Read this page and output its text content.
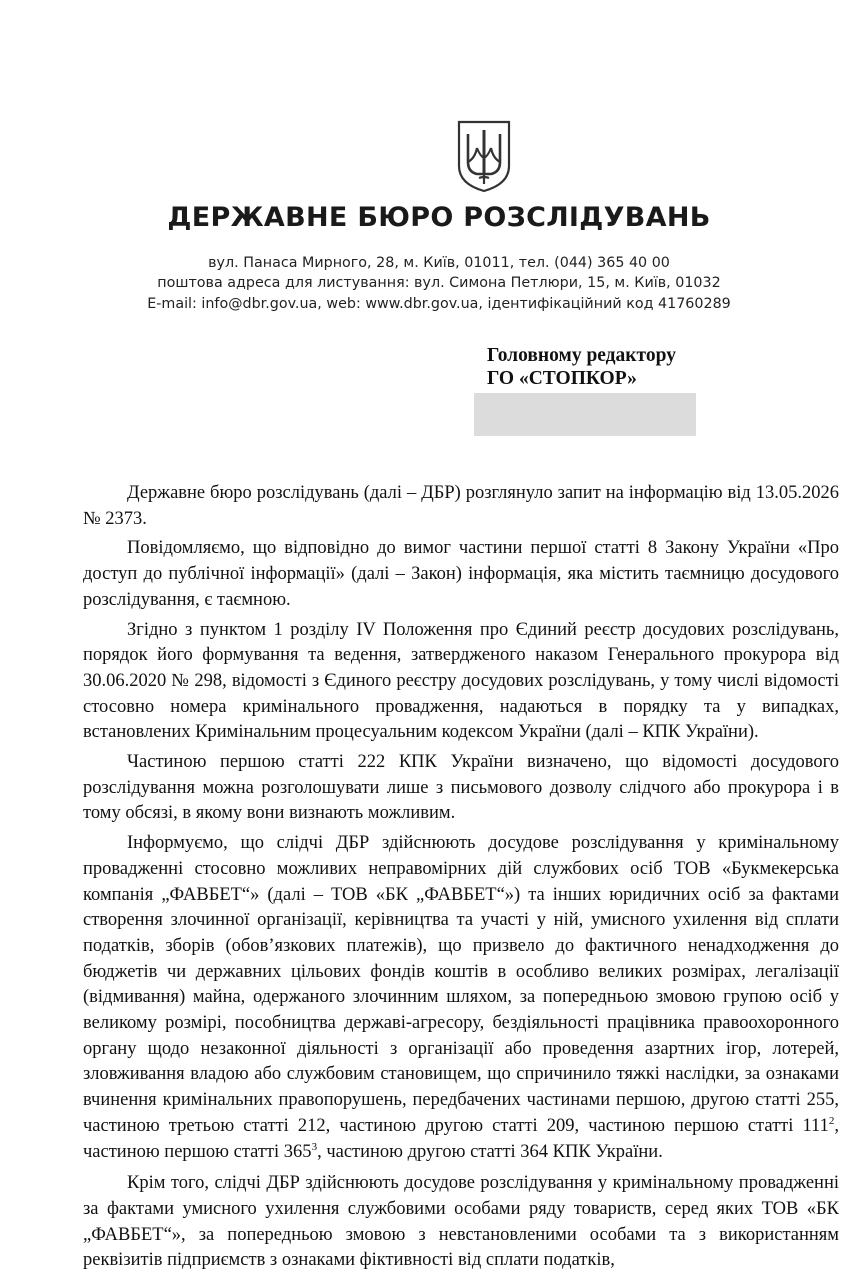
ДЕРЖАВНЕ БЮРО РОЗСЛІДУВАНЬ
вул. Панаса Мирного, 28, м. Київ, 01011, тел. (044) 365 40 00
поштова адреса для листування: вул. Симона Петлюри, 15, м. Київ, 01032
E-mail: info@dbr.gov.ua, web: www.dbr.gov.ua, ідентифікаційний код 41760289
Головному редактору
ГО «СТОПКОР»

Державне бюро розслідувань (далі – ДБР) розглянуло запит на інформацію від 13.05.2026 № 2373.

Повідомляємо, що відповідно до вимог частини першої статті 8 Закону України «Про доступ до публічної інформації» (далі – Закон) інформація, яка містить таємницю досудового розслідування, є таємною.

Згідно з пунктом 1 розділу IV Положення про Єдиний реєстр досудових розслідувань, порядок його формування та ведення, затвердженого наказом Генерального прокурора від 30.06.2020 № 298, відомості з Єдиного реєстру досудових розслідувань, у тому числі відомості стосовно номера кримінального провадження, надаються в порядку та у випадках, встановлених Кримінальним процесуальним кодексом України (далі – КПК України).

Частиною першою статті 222 КПК України визначено, що відомості досудового розслідування можна розголошувати лише з письмового дозволу слідчого або прокурора і в тому обсязі, в якому вони визнають можливим.

Інформуємо, що слідчі ДБР здійснюють досудове розслідування у кримінальному провадженні стосовно можливих неправомірних дій службових осіб ТОВ «Букмекерська компанія „ФАВБЕТ“» (далі – ТОВ «БК „ФАВБЕТ“») та інших юридичних осіб за фактами створення злочинної організації, керівництва та участі у ній, умисного ухилення від сплати податків, зборів (обов’язкових платежів), що призвело до фактичного ненадходження до бюджетів чи державних цільових фондів коштів в особливо великих розмірах, легалізації (відмивання) майна, одержаного злочинним шляхом, за попередньою змовою групою осіб у великому розмірі, пособництва державі-агресору, бездіяльності працівника правоохоронного органу щодо незаконної діяльності з організації або проведення азартних ігор, лотерей, зловживання владою або службовим становищем, що спричинило тяжкі наслідки, за ознаками вчинення кримінальних правопорушень, передбачених частинами першою, другою статті 255, частиною третьою статті 212, частиною другою статті 209, частиною першою статті $111^2$, частиною першою статті $365^3$, частиною другою статті 364 КПК України.

Крім того, слідчі ДБР здійснюють досудове розслідування у кримінальному провадженні за фактами умисного ухилення службовими особами ряду товариств, серед яких ТОВ «БК „ФАВБЕТ“», за попередньою змовою з невстановленими особами та з використанням реквізитів підприємств з ознаками фіктивності від сплати податків,
